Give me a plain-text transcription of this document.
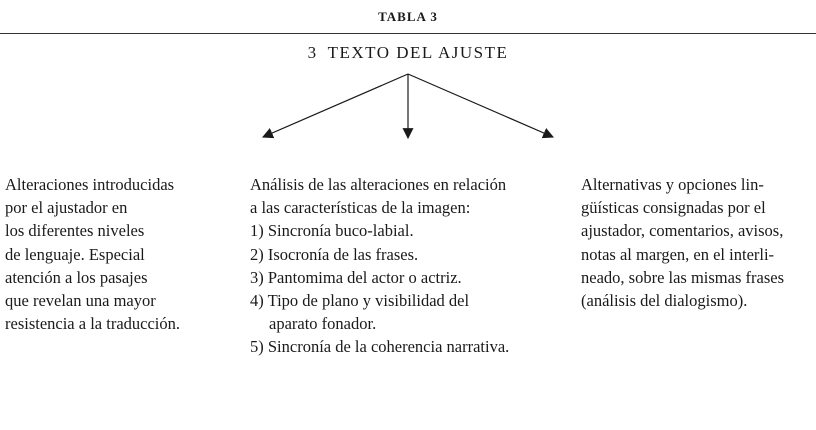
TABLA 3
3 TEXTO DEL AJUSTE
Alteraciones introducidas
por el ajustador en
los diferentes niveles
de lenguaje. Especial
atención a los pasajes
que revelan una mayor
resistencia a la traducción.
Análisis de las alteraciones en relación
a las características de la imagen:
1) Sincronía buco-labial.
2) Isocronía de las frases.
3) Pantomima del actor o actriz.
4) Tipo de plano y visibilidad del
aparato fonador.
5) Sincronía de la coherencia narrativa.
Alternativas y opciones lin-
güísticas consignadas por el
ajustador, comentarios, avisos,
notas al margen, en el interli-
neado, sobre las mismas frases
(análisis del dialogismo).
